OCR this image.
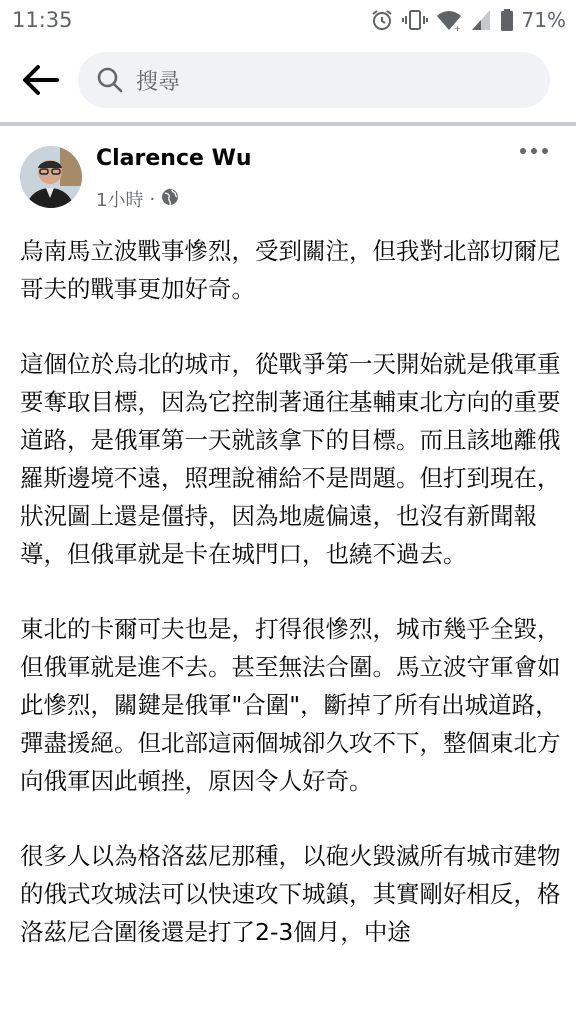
11:35	+	71%
搜尋
Clarence Wu
1小時 ·

烏南馬立波戰事慘烈，受到關注，但我對北部切爾尼哥夫的戰事更加好奇。

這個位於烏北的城市，從戰爭第一天開始就是俄軍重要奪取目標，因為它控制著通往基輔東北方向的重要道路，是俄軍第一天就該拿下的目標。而且該地離俄羅斯邊境不遠，照理說補給不是問題。但打到現在，狀況圖上還是僵持，因為地處偏遠，也沒有新聞報導，但俄軍就是卡在城門口，也繞不過去。

東北的卡爾可夫也是，打得很慘烈，城市幾乎全毀，但俄軍就是進不去。甚至無法合圍。馬立波守軍會如此慘烈，關鍵是俄軍"合圍"，斷掉了所有出城道路，彈盡援絕。但北部這兩個城卻久攻不下，整個東北方向俄軍因此頓挫，原因令人好奇。

很多人以為格洛茲尼那種，以砲火毀滅所有城市建物的俄式攻城法可以快速攻下城鎮，其實剛好相反，格洛茲尼合圍後還是打了2-3個月，中途
